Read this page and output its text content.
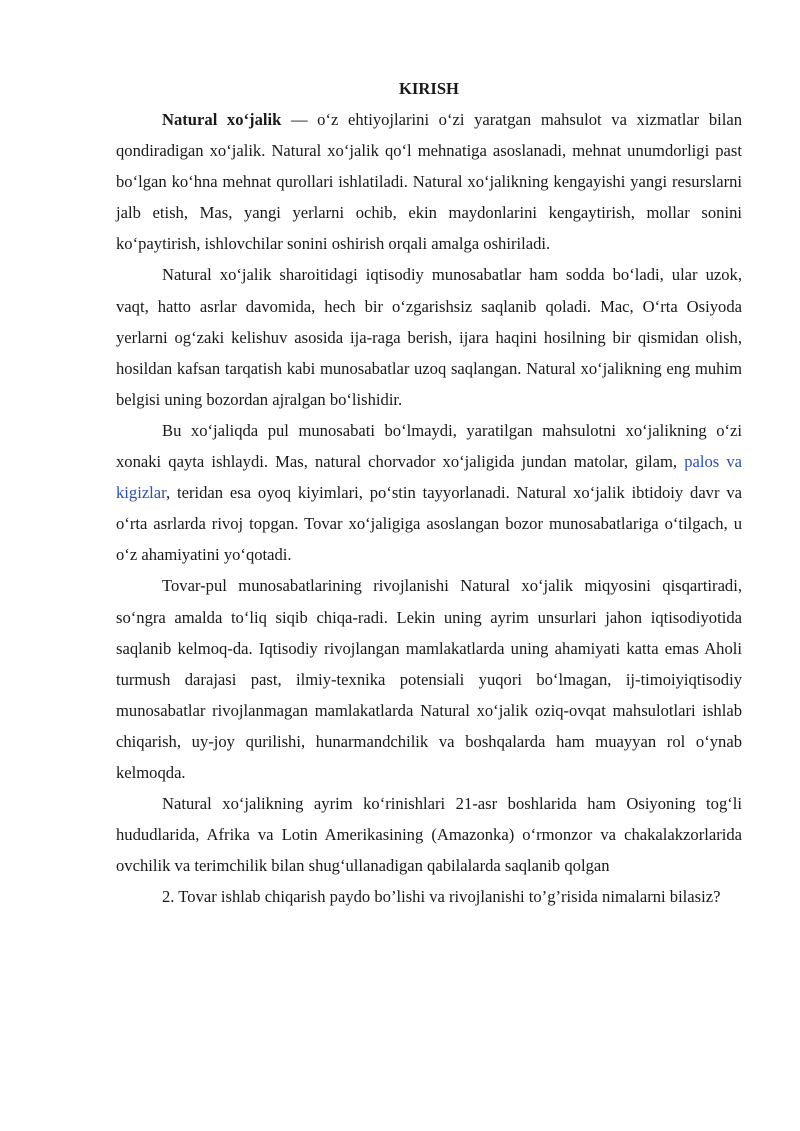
KIRISH

Natural xo‘jalik — o‘z ehtiyojlarini o‘zi yaratgan mahsulot va xizmatlar bilan qondiradigan xo‘jalik. Natural xo‘jalik qo‘l mehnatiga asoslanadi, mehnat unumdorligi past bo‘lgan ko‘hna mehnat qurollari ishlatiladi. Natural xo‘jalikning kengayishi yangi resurslarni jalb etish, Mas, yangi yerlarni ochib, ekin maydonlarini kengaytirish, mollar sonini ko‘paytirish, ishlovchilar sonini oshirish orqali amalga oshiriladi.

Natural xo‘jalik sharoitidagi iqtisodiy munosabatlar ham sodda bo‘ladi, ular uzok, vaqt, hatto asrlar davomida, hech bir o‘zgarishsiz saqlanib qoladi. Mac, O‘rta Osiyoda yerlarni og‘zaki kelishuv asosida ija-raga berish, ijara haqini hosilning bir qismidan olish, hosildan kafsan tarqatish kabi munosabatlar uzoq saqlangan. Natural xo‘jalikning eng muhim belgisi uning bozordan ajralgan bo‘lishidir.

Bu xo‘jaliqda pul munosabati bo‘lmaydi, yaratilgan mahsulotni xo‘jalikning o‘zi xonaki qayta ishlaydi. Mas, natural chorvador xo‘jaligida jundan matolar, gilam, palos va kigizlar, teridan esa oyoq kiyimlari, po‘stin tayyorlanadi. Natural xo‘jalik ibtidoiy davr va o‘rta asrlarda rivoj topgan. Tovar xo‘jaligiga asoslangan bozor munosabatlariga o‘tilgach, u o‘z ahamiyatini yo‘qotadi.

Tovar-pul munosabatlarining rivojlanishi Natural xo‘jalik miqyosini qisqartiradi, so‘ngra amalda to‘liq siqib chiqa-radi. Lekin uning ayrim unsurlari jahon iqtisodiyotida saqlanib kelmoq-da. Iqtisodiy rivojlangan mamlakatlarda uning ahamiyati katta emas Aholi turmush darajasi past, ilmiy-texnika potensiali yuqori bo‘lmagan, ij-timoiyiqtisodiy munosabatlar rivojlanmagan mamlakatlarda Natural xo‘jalik oziq-ovqat mahsulotlari ishlab chiqarish, uy-joy qurilishi, hunarmandchilik va boshqalarda ham muayyan rol o‘ynab kelmoqda.

Natural xo‘jalikning ayrim ko‘rinishlari 21-asr boshlarida ham Osiyoning tog‘li hududlarida, Afrika va Lotin Amerikasining (Amazonka) o‘rmonzor va chakalakzorlarida ovchilik va terimchilik bilan shug‘ullanadigan qabilalarda saqlanib qolgan

2. Tovar ishlab chiqarish paydo bo’lishi va rivojlanishi to’g’risida nimalarni bilasiz?
